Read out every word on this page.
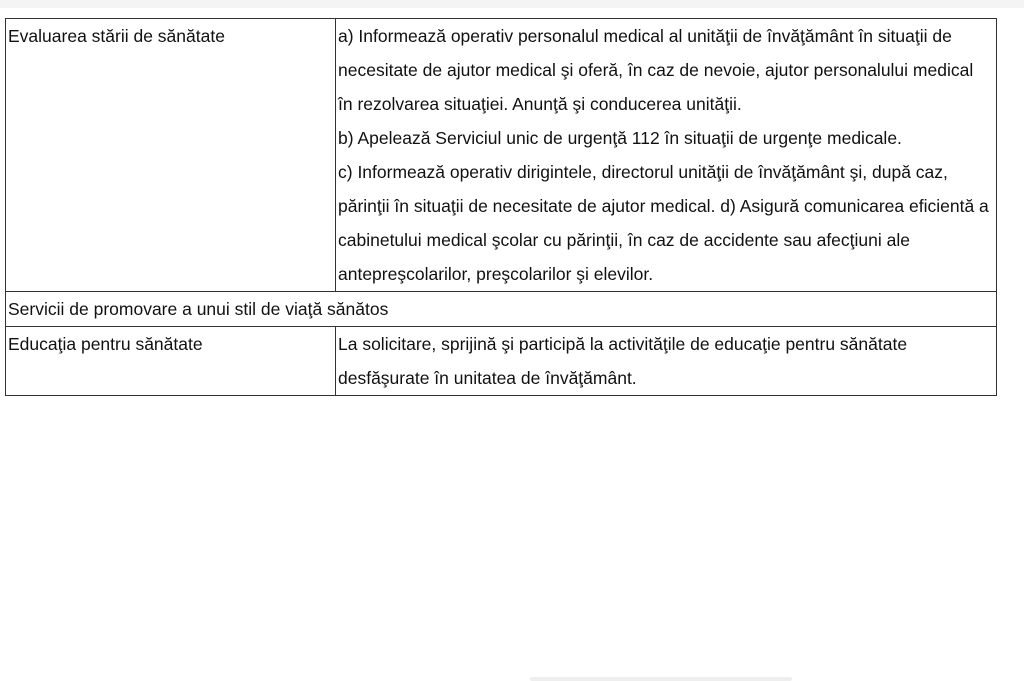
Evaluarea stării de sănătate	a) Informează operativ personalul medical al unităţii de învăţământ în situaţii de necesitate de ajutor medical şi oferă, în caz de nevoie, ajutor personalului medical în rezolvarea situaţiei. Anunţă şi conducerea unităţii.
b) Apelează Serviciul unic de urgenţă 112 în situaţii de urgenţe medicale.
c) Informează operativ dirigintele, directorul unităţii de învăţământ şi, după caz, părinţii în situaţii de necesitate de ajutor medical. d) Asigură comunicarea eficientă a cabinetului medical şcolar cu părinţii, în caz de accidente sau afecţiuni ale antepreşcolarilor, preşcolarilor şi elevilor.

Servicii de promovare a unui stil de viaţă sănătos	
Educaţia pentru sănătate	La solicitare, sprijină şi participă la activităţile de educaţie pentru sănătate desfăşurate în unitatea de învăţământ.
